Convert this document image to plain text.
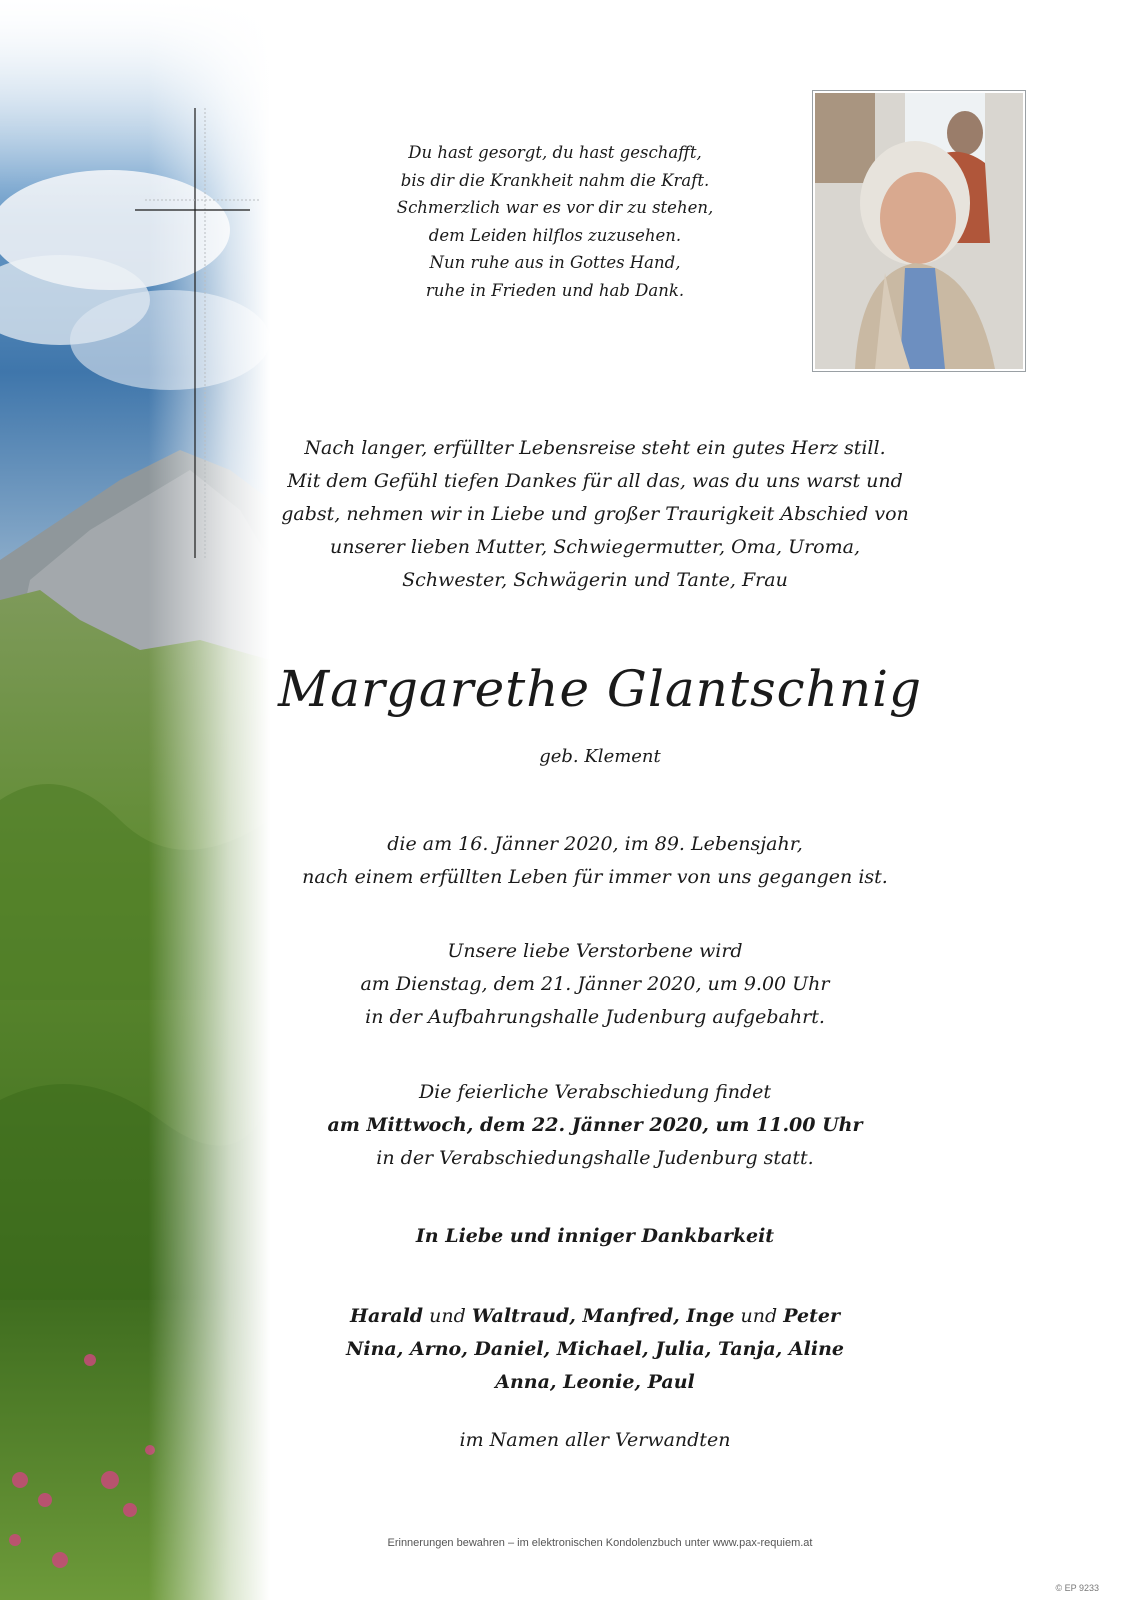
Du hast gesorgt, du hast geschafft,

bis dir die Krankheit nahm die Kraft.

Schmerzlich war es vor dir zu stehen,

dem Leiden hilflos zuzusehen.

Nun ruhe aus in Gottes Hand,

ruhe in Frieden und hab Dank.

Nach langer, erfüllter Lebensreise steht ein gutes Herz still.

Mit dem Gefühl tiefen Dankes für all das, was du uns warst und

gabst, nehmen wir in Liebe und großer Traurigkeit Abschied von

unserer lieben Mutter, Schwiegermutter, Oma, Uroma,

Schwester, Schwägerin und Tante, Frau

Margarethe Glantschnig
geb. Klement

die am 16. Jänner 2020, im 89. Lebensjahr,

nach einem erfüllten Leben für immer von uns gegangen ist.

Unsere liebe Verstorbene wird

am Dienstag, dem 21. Jänner 2020, um 9.00 Uhr

in der Aufbahrungshalle Judenburg aufgebahrt.

Die feierliche Verabschiedung findet

am Mittwoch, dem 22. Jänner 2020, um 11.00 Uhr

in der Verabschiedungshalle Judenburg statt.

In Liebe und inniger Dankbarkeit

Harald und Waltraud, Manfred, Inge und Peter

Nina, Arno, Daniel, Michael, Julia, Tanja, Aline

Anna, Leonie, Paul

im Namen aller Verwandten
Erinnerungen bewahren – im elektronischen Kondolenzbuch unter www.pax-requiem.at
© EP 9233
